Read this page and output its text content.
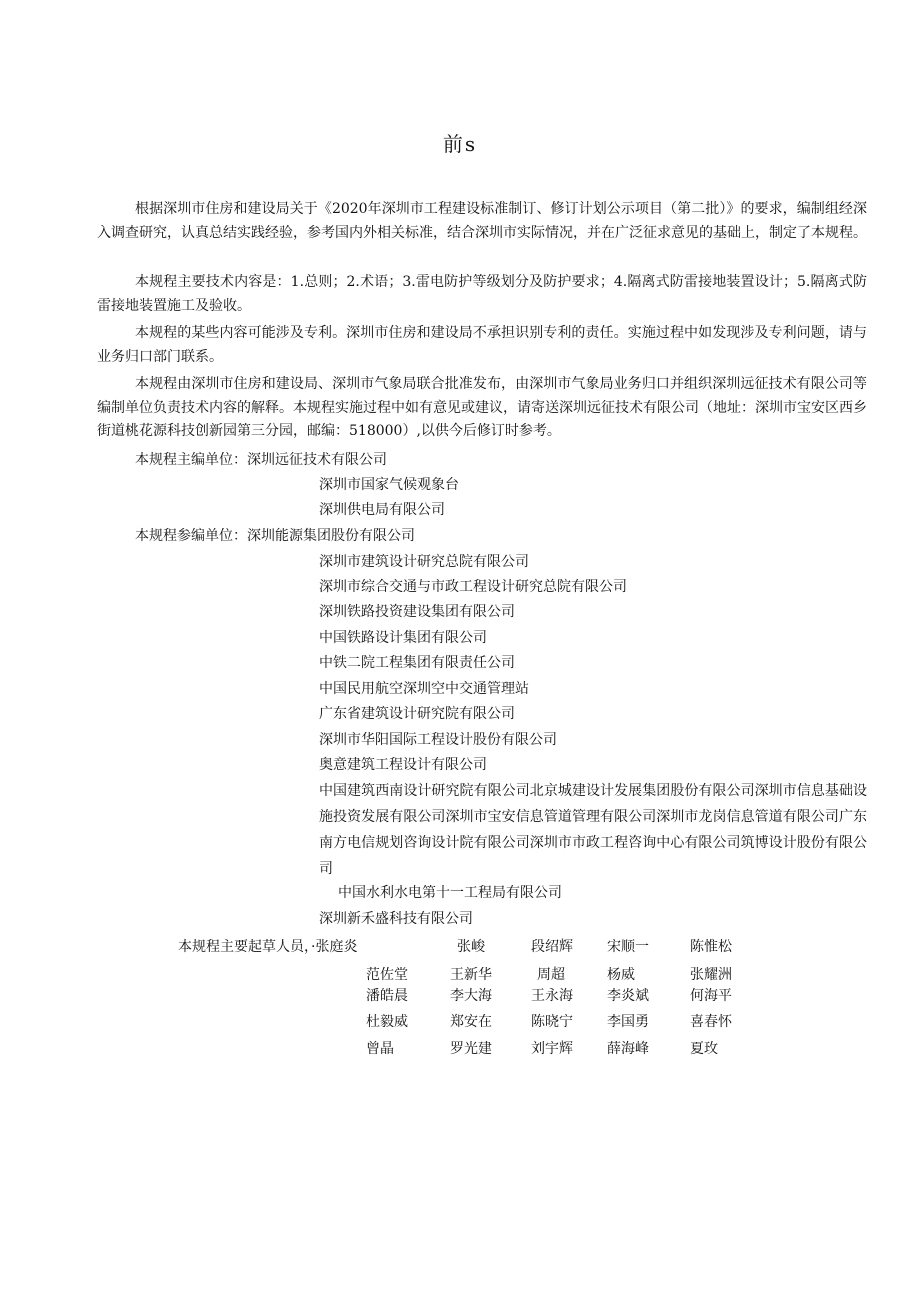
前s
根据深圳市住房和建设局关于《2020年深圳市工程建设标准制订、修订计划公示项目（第二批）》的要求，编制组经深入调查研究，认真总结实践经验，参考国内外相关标准，结合深圳市实际情况，并在广泛征求意见的基础上，制定了本规程。
本规程主要技术内容是：1.总则；2.术语；3.雷电防护等级划分及防护要求；4.隔离式防雷接地装置设计；5.隔离式防雷接地装置施工及验收。
本规程的某些内容可能涉及专利。深圳市住房和建设局不承担识别专利的责任。实施过程中如发现涉及专利问题，请与业务归口部门联系。
本规程由深圳市住房和建设局、深圳市气象局联合批准发布，由深圳市气象局业务归口并组织深圳远征技术有限公司等编制单位负责技术内容的解释。本规程实施过程中如有意见或建议，请寄送深圳远征技术有限公司（地址：深圳市宝安区西乡街道桃花源科技创新园第三分园，邮编：518000）,以供今后修订时参考。
本规程主编单位：深圳远征技术有限公司
深圳市国家气候观象台
深圳供电局有限公司
本规程参编单位：深圳能源集团股份有限公司
深圳市建筑设计研究总院有限公司
深圳市综合交通与市政工程设计研究总院有限公司
深圳铁路投资建设集团有限公司
中国铁路设计集团有限公司
中铁二院工程集团有限责任公司
中国民用航空深圳空中交通管理站
广东省建筑设计研究院有限公司
深圳市华阳国际工程设计股份有限公司
奥意建筑工程设计有限公司
中国建筑西南设计研究院有限公司北京城建设计发展集团股份有限公司深圳市信息基础设施投资发展有限公司深圳市宝安信息管道管理有限公司深圳市龙岗信息管道有限公司广东南方电信规划咨询设计院有限公司深圳市市政工程咨询中心有限公司筑博设计股份有限公司
中国水利水电第十一工程局有限公司
深圳新禾盛科技有限公司
本规程主要起草人员，·张庭炎	张峻	段绍辉 宋顺一	陈惟松
范佐堂	王新华	周超	杨威	张耀洲
潘皓晨	李大海	王永海 李炎斌	何海平
杜毅威	郑安在	陈晓宁 李国勇	喜春怀
曾晶	罗光建	刘宇辉 薛海峰	夏玫
